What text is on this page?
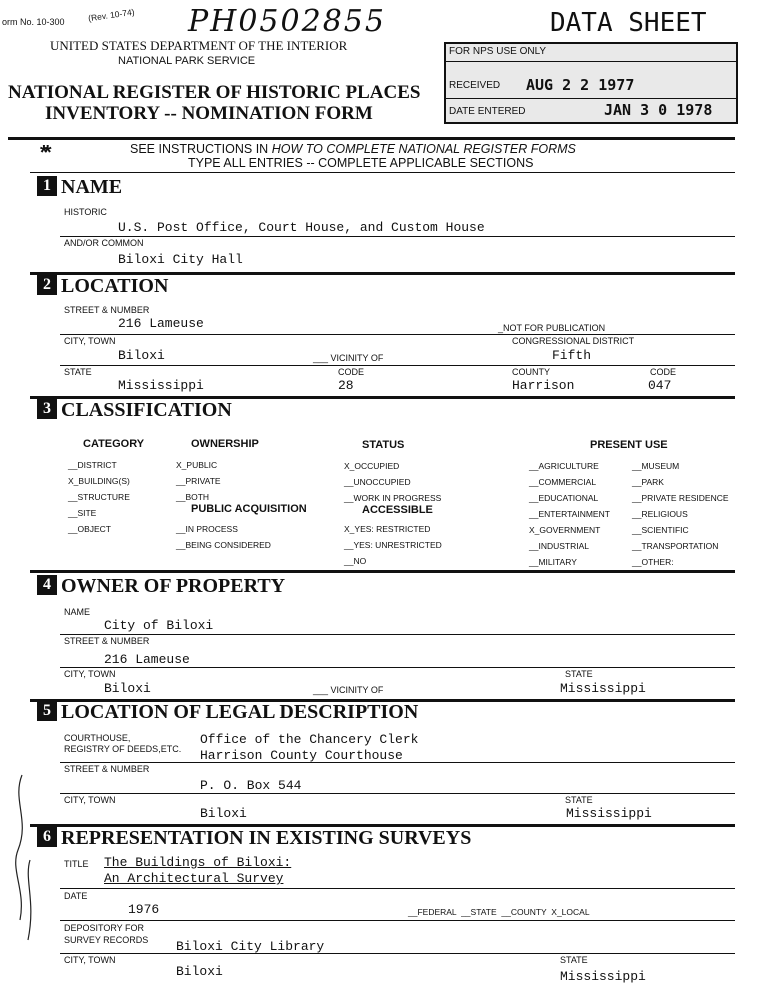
orm No. 10-300	(Rev. 10-74) PH0502855	DATA SHEET
UNITED STATES DEPARTMENT OF THE INTERIOR
NATIONAL PARK SERVICE
NATIONAL REGISTER OF HISTORIC PLACES
INVENTORY -- NOMINATION FORM
FOR NPS USE ONLY
RECEIVED AUG 2 2 1977
DATE ENTERED	JAN 3 0 1978
**	SEE INSTRUCTIONS IN HOW TO COMPLETE NATIONAL REGISTER FORMS
TYPE ALL ENTRIES -- COMPLETE APPLICABLE SECTIONS
1 NAME
HISTORIC
U.S. Post Office, Court House, and Custom House
AND/OR COMMON
Biloxi City Hall
2 LOCATION
STREET & NUMBER
216 Lameuse	_NOT FOR PUBLICATION
CITY, TOWN	CONGRESSIONAL DISTRICT
Biloxi	___ VICINITY OF	Fifth
STATE	CODE	COUNTY	CODE
Mississippi	28	Harrison	047
3 CLASSIFICATION
CATEGORY	OWNERSHIP	STATUS	PRESENT USE
__DISTRICT
X_BUILDING(S)
__STRUCTURE
__SITE
__OBJECT
X_PUBLIC
__PRIVATE
__BOTH
PUBLIC ACQUISITION
__IN PROCESS
__BEING CONSIDERED
X_OCCUPIED
__UNOCCUPIED
__WORK IN PROGRESS
ACCESSIBLE
X_YES: RESTRICTED
__YES: UNRESTRICTED
__NO
__AGRICULTURE
__COMMERCIAL
__EDUCATIONAL
__ENTERTAINMENT
X_GOVERNMENT
__INDUSTRIAL
__MILITARY
__MUSEUM
__PARK
__PRIVATE RESIDENCE
__RELIGIOUS
__SCIENTIFIC
__TRANSPORTATION
__OTHER:
4 OWNER OF PROPERTY
NAME
City of Biloxi
STREET & NUMBER
216 Lameuse
CITY, TOWN	STATE
Biloxi	___ VICINITY OF	Mississippi
5 LOCATION OF LEGAL DESCRIPTION
COURTHOUSE,
REGISTRY OF DEEDS,ETC.
Office of the Chancery Clerk
Harrison County Courthouse
STREET & NUMBER
P. O. Box 544
CITY, TOWN	STATE
Biloxi	Mississippi
6 REPRESENTATION IN EXISTING SURVEYS
TITLE The Buildings of Biloxi:
An Architectural Survey
DATE
1976	__FEDERAL  __STATE  __COUNTY  X_LOCAL
DEPOSITORY FOR
SURVEY RECORDS Biloxi City Library
CITY, TOWN	STATE
Biloxi	Mississippi
